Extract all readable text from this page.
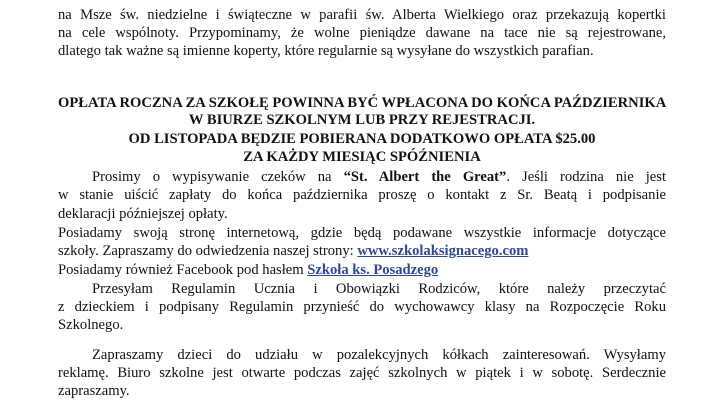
na Msze św. niedzielne i świąteczne w parafii św. Alberta Wielkiego oraz przekazują kopertki

na cele wspólnoty. Przypominamy, że wolne pieniądze dawane na tace nie są rejestrowane,

dlatego tak ważne są imienne koperty, które regularnie są wysyłane do wszystkich parafian.

OPŁATA ROCZNA ZA SZKOŁĘ POWINNA BYĆ WPŁACONA DO KOŃCA PAŹDZIERNIKA

W BIURZE SZKOLNYM LUB PRZY REJESTRACJI.

OD LISTOPADA BĘDZIE POBIERANA DODATKOWO OPŁATA $25.00

ZA KAŻDY MIESIĄC SPÓŹNIENIA

Prosimy o wypisywanie czeków na “St. Albert the Great”. Jeśli rodzina nie jest

w stanie uiścić zapłaty do końca października proszę o kontakt z Sr. Beatą i podpisanie

deklaracji późniejszej opłaty.

Posiadamy swoją stronę internetową, gdzie będą podawane wszystkie informacje dotyczące

szkoły. Zapraszamy do odwiedzenia naszej strony: www.szkolaksignacego.com

Posiadamy również Facebook pod hasłem Szkoła ks. Posadzego

Przesyłam Regulamin Ucznia i Obowiązki Rodziców, które należy przeczytać

z dzieckiem i podpisany Regulamin przynieść do wychowawcy klasy na Rozpoczęcie Roku

Szkolnego.

Zapraszamy dzieci do udziału w pozalekcyjnych kółkach zainteresowań. Wysyłamy

reklamę. Biuro szkolne jest otwarte podczas zajęć szkolnych w piątek i w sobotę. Serdecznie

zapraszamy.
